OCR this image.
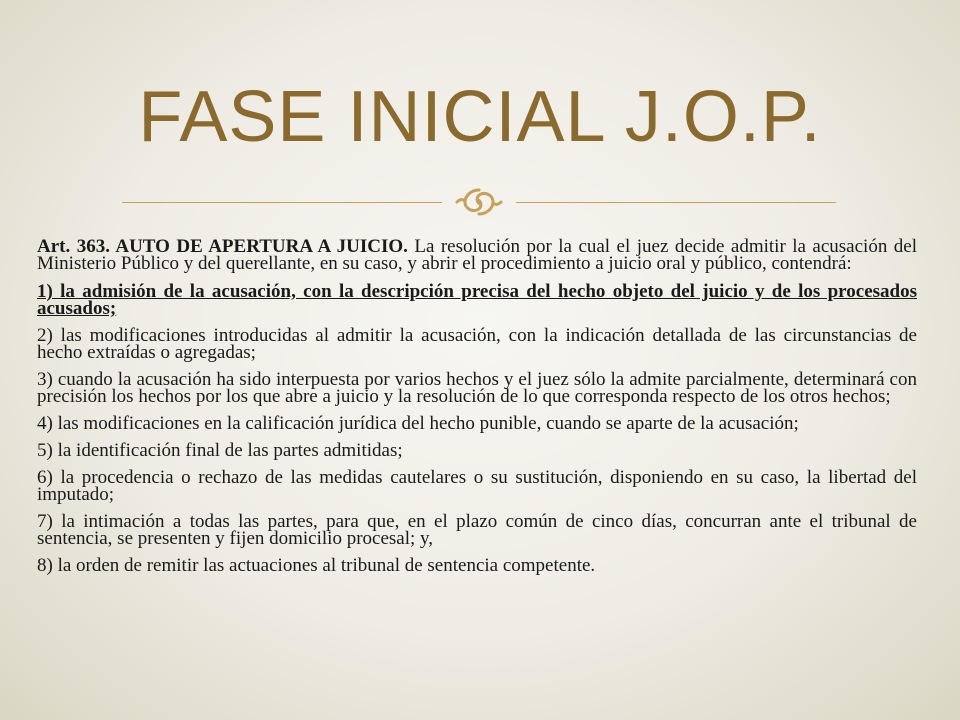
FASE INICIAL J.O.P.

Art. 363. AUTO DE APERTURA A JUICIO. La resolución por la cual el juez decide admitir la acusación del Ministerio Público y del querellante, en su caso, y abrir el procedimiento a juicio oral y público, contendrá:

1) la admisión de la acusación, con la descripción precisa del hecho objeto del juicio y de los procesados acusados;

2) las modificaciones introducidas al admitir la acusación, con la indicación detallada de las circunstancias de hecho extraídas o agregadas;

3) cuando la acusación ha sido interpuesta por varios hechos y el juez sólo la admite parcialmente, determinará con precisión los hechos por los que abre a juicio y la resolución de lo que corresponda respecto de los otros hechos;

4) las modificaciones en la calificación jurídica del hecho punible, cuando se aparte de la acusación;

5) la identificación final de las partes admitidas;

6) la procedencia o rechazo de las medidas cautelares o su sustitución, disponiendo en su caso, la libertad del imputado;

7) la intimación a todas las partes, para que, en el plazo común de cinco días, concurran ante el tribunal de sentencia, se presenten y fijen domicilio procesal; y,

8) la orden de remitir las actuaciones al tribunal de sentencia competente.
